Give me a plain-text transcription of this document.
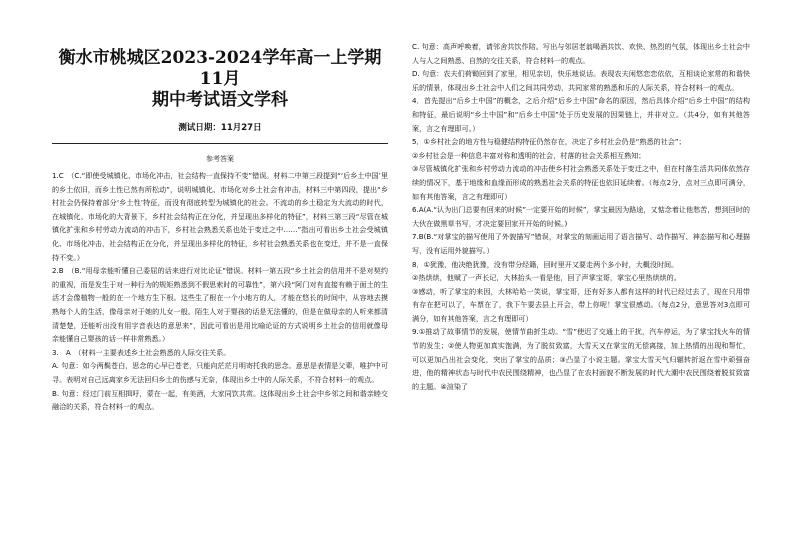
衡水市桃城区2023-2024学年高一上学期11月
期中考试语文学科
测试日期：11月27日
参考答案

1.C　（C.“即使受城镇化、市场化冲击，社会结构一直保持不变”错误。材料二中第三段提到“‘后乡土中国’里的乡土依旧，而乡土性已然有所松动”，说明城镇化、市场化对乡土社会有冲击，材料三中第四段，提出“乡村社会仍保持着部分‘乡土性’特征，而没有彻底转型为城镇化的社会。不流动的乡土稳定为大流动的时代，在城镇化、市场化的大背景下，乡村社会结构正在分化，并呈现出多样化的特征”，材料三第三段“尽管在城镇化扩张和乡村劳动力流动的冲击下，乡村社会熟悉关系也处于变迁之中……”指出可看出乡土社会受城镇化、市场化冲击，社会结构正在分化，并呈现出多样化的特征，乡村社会熟悉关系也在变迁，并不是一直保持不变。）

2.B　（B.“用母亲能听懂自己委屈的话来进行对比论证”错误。材料一第五段“乡土社会的信用并不是对契约的重视，而是发生于对一种行为的规矩熟悉到不假思索时的可靠性”，第六段“阿门对有直接有赖于面土的生活才会像植物一般的在一个地方生下根。这些生了根在一个小地方的人，才能在悠长的时间中，从容地去摸熟每个人的生活，像母亲对于她的儿女一般。陌生人对于婴孩的话是无法懂的，但是在做母亲的人听来都清清楚楚，还能听出没有用字音表达的意思来”，因此可看出是用比喻论证的方式说明乡土社会的信用就像母亲能懂自己婴孩的话一样非常熟悉。）

3.　A　（材料一主要表述乡土社会熟悉的人际交往关系。

A. 句意：如今两鬓苍白，思念的心早已苍老，只能向茫茫月明寄托我的思念。意思是表情是父辈，唯护中可寻。表明对自己远离家乡无法回归乡土的伤感与无奈，体现出乡土中的人际关系，不符合材料一的观点。

B. 句意：经过门前互相揖吁，蒙在一起，有美酒，大家同饮共赏。这体现出乡土社会中乡邻之间和谐亲睦交融洽的关系，符合材料一的观点。

C. 句意：高声呼唤着，请邻舍共饮作陪。写出与邻居老翁喝酒共饮、欢快、热烈的气氛，体现出乡土社会中人与人之间熟悉、自然的交往关系，符合材料一的观点。

D. 句意：农夫们荷锄回到了家里，相见亲切，快乐地说话。表现农夫闲悠恋恋依依，互相谈论家常的和谐快乐的情景，体现出乡土社会中人们之间共同劳动，共同家常的熟悉和乐的人际关系，符合材料一的观点。

4．首先提出“后乡土中国”的概念，之后介绍“后乡土中国”命名的原因，然后具体介绍“后乡土中国”的结构和特征，最后说明“乡土中国”和“后乡土中国”处于历史发展的因果链上，并非对立。（共4分，如有其他答案，言之有理即可。）

5．①乡村社会的地方性与稳健结构特征仍然存在，决定了乡村社会仍是“熟悉的社会”；

②乡村社会是一种信息丰富对称和透明的社会，村落的社会关系相互熟知；

③尽管城镇化扩张和乡村劳动力流动的冲击使乡村社会熟悉关系处于变迁之中，但在村落生活共同体依然存续的情况下，基于地缘和血缘而形成的熟悉社会关系的特征也依旧延续着。（每点2分，点对三点即可满分，如有其他答案，言之有理即可）

6.A(A.“认为出门总要有回来的时候”一定要开始的时候”，掌宝最因为路途，又惦念着让他愁苦，想到回时的大伙在做黑草书写，才决定要回家开开始的时候。)

7.B(B.“对掌宝的描写使用了外貌描写”错误，对掌宝的刻画运用了语言描写、动作描写、神态描写和心理描写，没有运用外貌描写。）

8．①犹豫，他决绝犹豫，没有带分经籍，回时里开又要走两个多小时，大概没时间。

②热烘烘，他赋了一声长记，大林抬头一看是他，回了声掌宝哥，掌宝心里热烘烘的。

③感动，听了掌宝的来因，大林哈哈一笑说，掌宝哥，还有好多人都有这样的时代已经过去了，现在只用带有存在把可以了，车票在了，我下午要去县上开会，带上你呢！掌宝很感动。（每点2分，意思答对3点即可满分，如有其他答案，言之有理即可）

9.①推动了故事情节的发展，使情节曲折生动。“雪”使迟了交通上的干扰，汽车停运，为了掌宝找火车的情节的发生；②使人物更加真实饱满，为了脱贫致富，大雪天又在掌宝的无偿离接，加上热情的出现和帮忙，可以更加凸出社会变化，突出了掌宝的品质；③凸显了小说主题。掌宝大雪天气归辗转折返在雪中顽强奋进，他的精神状态与时代中农民围绕精神，也凸显了在农村面貌不断发展的时代大潮中农民围绕着脱贫致富的主题。④渲染了
